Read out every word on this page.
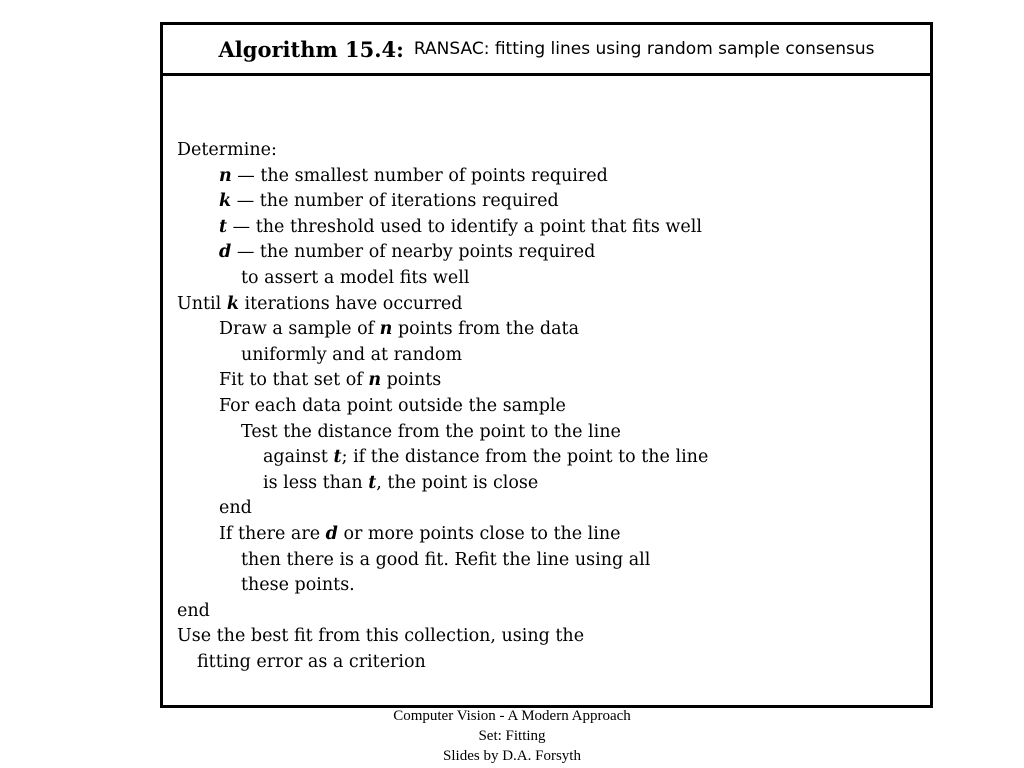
Algorithm 15.4: RANSAC: fitting lines using random sample consensus
Determine:
n — the smallest number of points required
k — the number of iterations required
t — the threshold used to identify a point that fits well
d — the number of nearby points required
to assert a model fits well
Until k iterations have occurred
Draw a sample of n points from the data
uniformly and at random
Fit to that set of n points
For each data point outside the sample
Test the distance from the point to the line
against t; if the distance from the point to the line
is less than t, the point is close
end
If there are d or more points close to the line
then there is a good fit. Refit the line using all
these points.
end
Use the best fit from this collection, using the
fitting error as a criterion
Computer Vision - A Modern Approach
Set: Fitting
Slides by D.A. Forsyth
